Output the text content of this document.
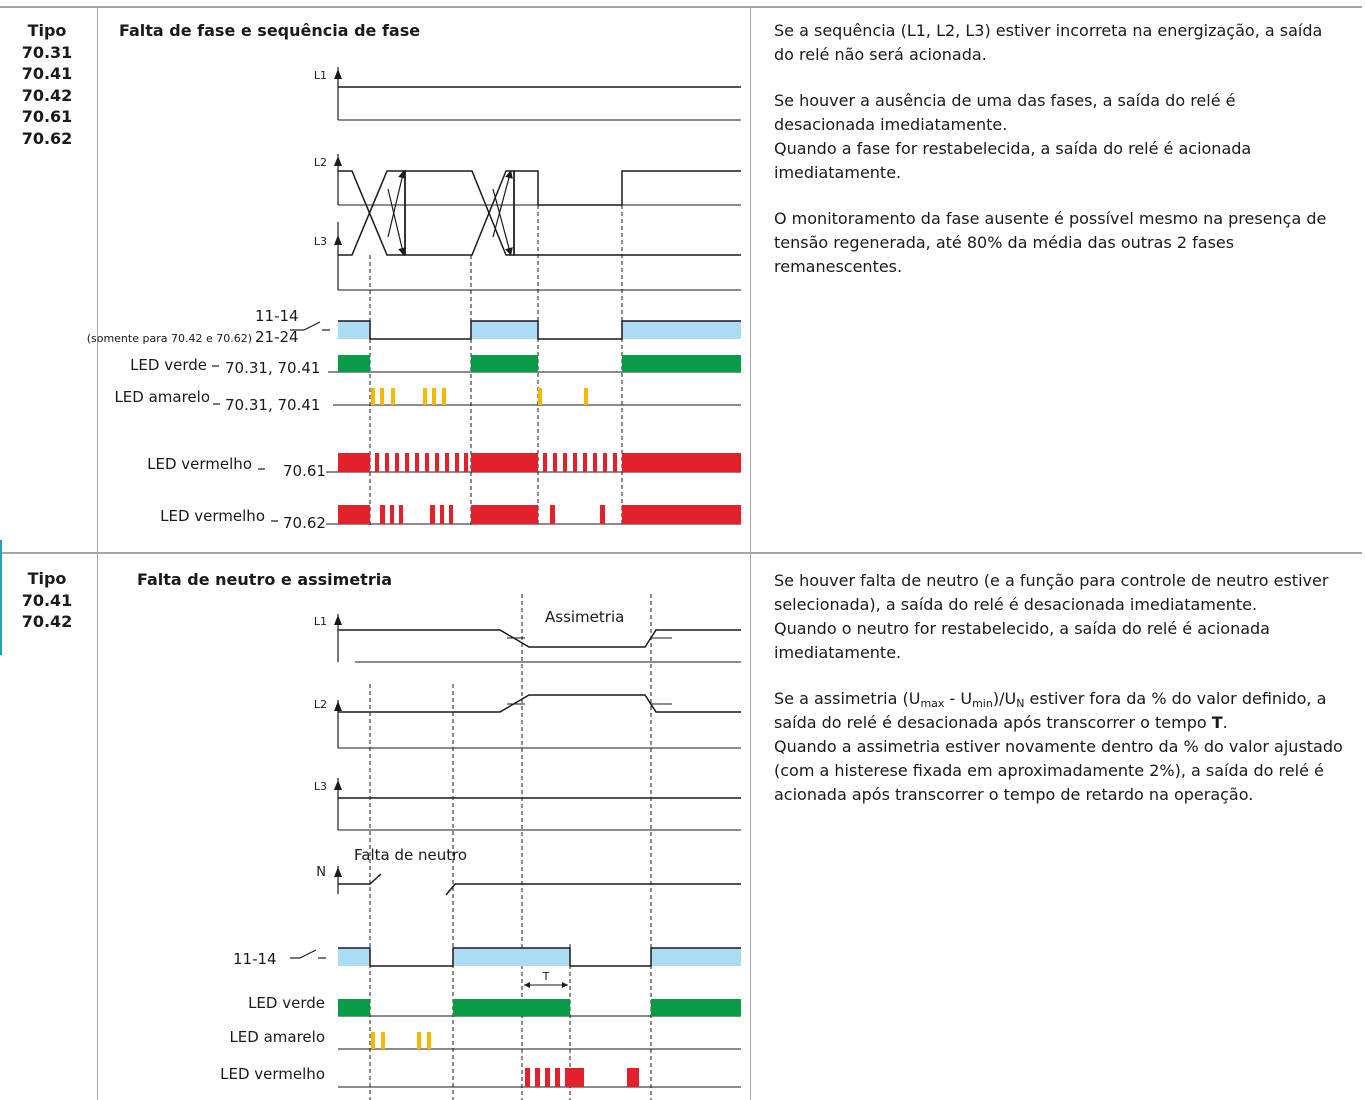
Tipo
70.31
70.41
70.42
70.61
70.62
Falta de fase e sequência de fase
L1
L2
L3
11-14
21-24
(somente para 70.42 e 70.62)
LED verde 70.31, 70.41
LED amarelo 70.31, 70.41
LED vermelho 70.61
LED vermelho 70.62

Se a sequência (L1, L2, L3) estiver incorreta na energização, a saída do relé não será acionada.

Se houver a ausência de uma das fases, a saída do relé é desacionada imediatamente.

Quando a fase for restabelecida, a saída do relé é acionada imediatamente.

O monitoramento da fase ausente é possível mesmo na presença de tensão regenerada, até 80% da média das outras 2 fases remanescentes.

Tipo
70.41
70.42
Falta de neutro e assimetria
Assimetria
L1
L2
L3
Falta de neutro
N
11-14
T
LED verde
LED amarelo
LED vermelho

Se houver falta de neutro (e a função para controle de neutro estiver selecionada), a saída do relé é desacionada imediatamente.

Quando o neutro for restabelecido, a saída do relé é acionada imediatamente.

Se a assimetria $(U_{max} - U_{min})/U_N$ estiver fora da % do valor definido, a saída do relé é desacionada após transcorrer o tempo T.

Quando a assimetria estiver novamente dentro da % do valor ajustado (com a histerese fixada em aproximadamente 2%), a saída do relé é acionada após transcorrer o tempo de retardo na operação.
